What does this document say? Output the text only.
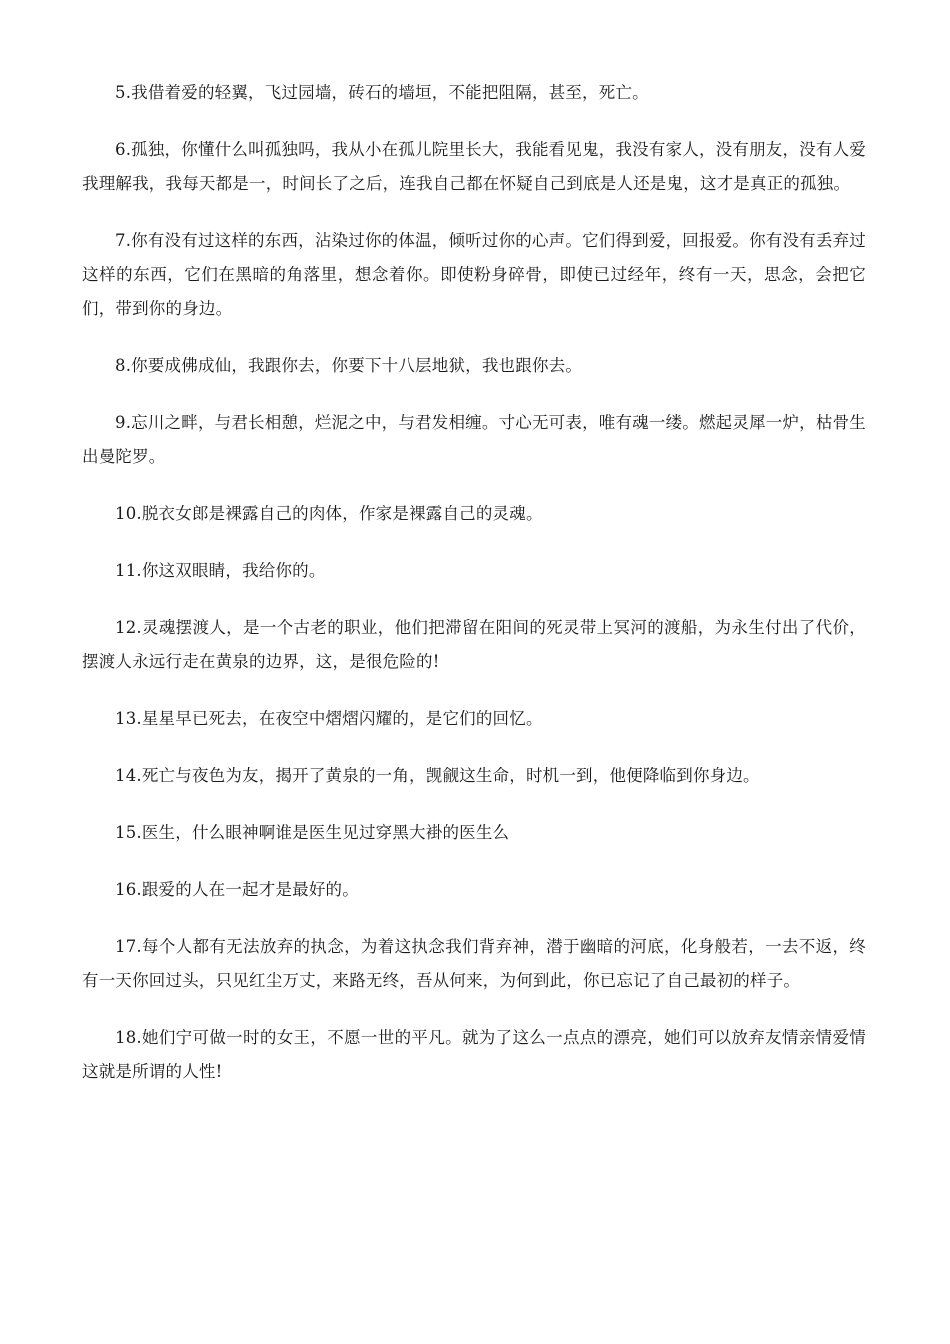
5.我借着爱的轻翼，飞过园墙，砖石的墙垣，不能把阻隔，甚至，死亡。

6.孤独，你懂什么叫孤独吗，我从小在孤儿院里长大，我能看见鬼，我没有家人，没有朋友，没有人爱我理解我，我每天都是一，时间长了之后，连我自己都在怀疑自己到底是人还是鬼，这才是真正的孤独。

7.你有没有过这样的东西，沾染过你的体温，倾听过你的心声。它们得到爱，回报爱。你有没有丢弃过这样的东西，它们在黑暗的角落里，想念着你。即使粉身碎骨，即使已过经年，终有一天，思念，会把它们，带到你的身边。

8.你要成佛成仙，我跟你去，你要下十八层地狱，我也跟你去。

9.忘川之畔，与君长相憩，烂泥之中，与君发相缠。寸心无可表，唯有魂一缕。燃起灵犀一炉，枯骨生出曼陀罗。

10.脱衣女郎是裸露自己的肉体，作家是裸露自己的灵魂。

11.你这双眼睛，我给你的。

12.灵魂摆渡人，是一个古老的职业，他们把滞留在阳间的死灵带上冥河的渡船，为永生付出了代价，摆渡人永远行走在黄泉的边界，这，是很危险的!

13.星星早已死去，在夜空中熠熠闪耀的，是它们的回忆。

14.死亡与夜色为友，揭开了黄泉的一角，觊觎这生命，时机一到，他便降临到你身边。

15.医生，什么眼神啊谁是医生见过穿黑大褂的医生么

16.跟爱的人在一起才是最好的。

17.每个人都有无法放弃的执念，为着这执念我们背弃神，潜于幽暗的河底，化身般若，一去不返，终有一天你回过头，只见红尘万丈，来路无终，吾从何来，为何到此，你已忘记了自己最初的样子。

18.她们宁可做一时的女王，不愿一世的平凡。就为了这么一点点的漂亮，她们可以放弃友情亲情爱情这就是所谓的人性!
